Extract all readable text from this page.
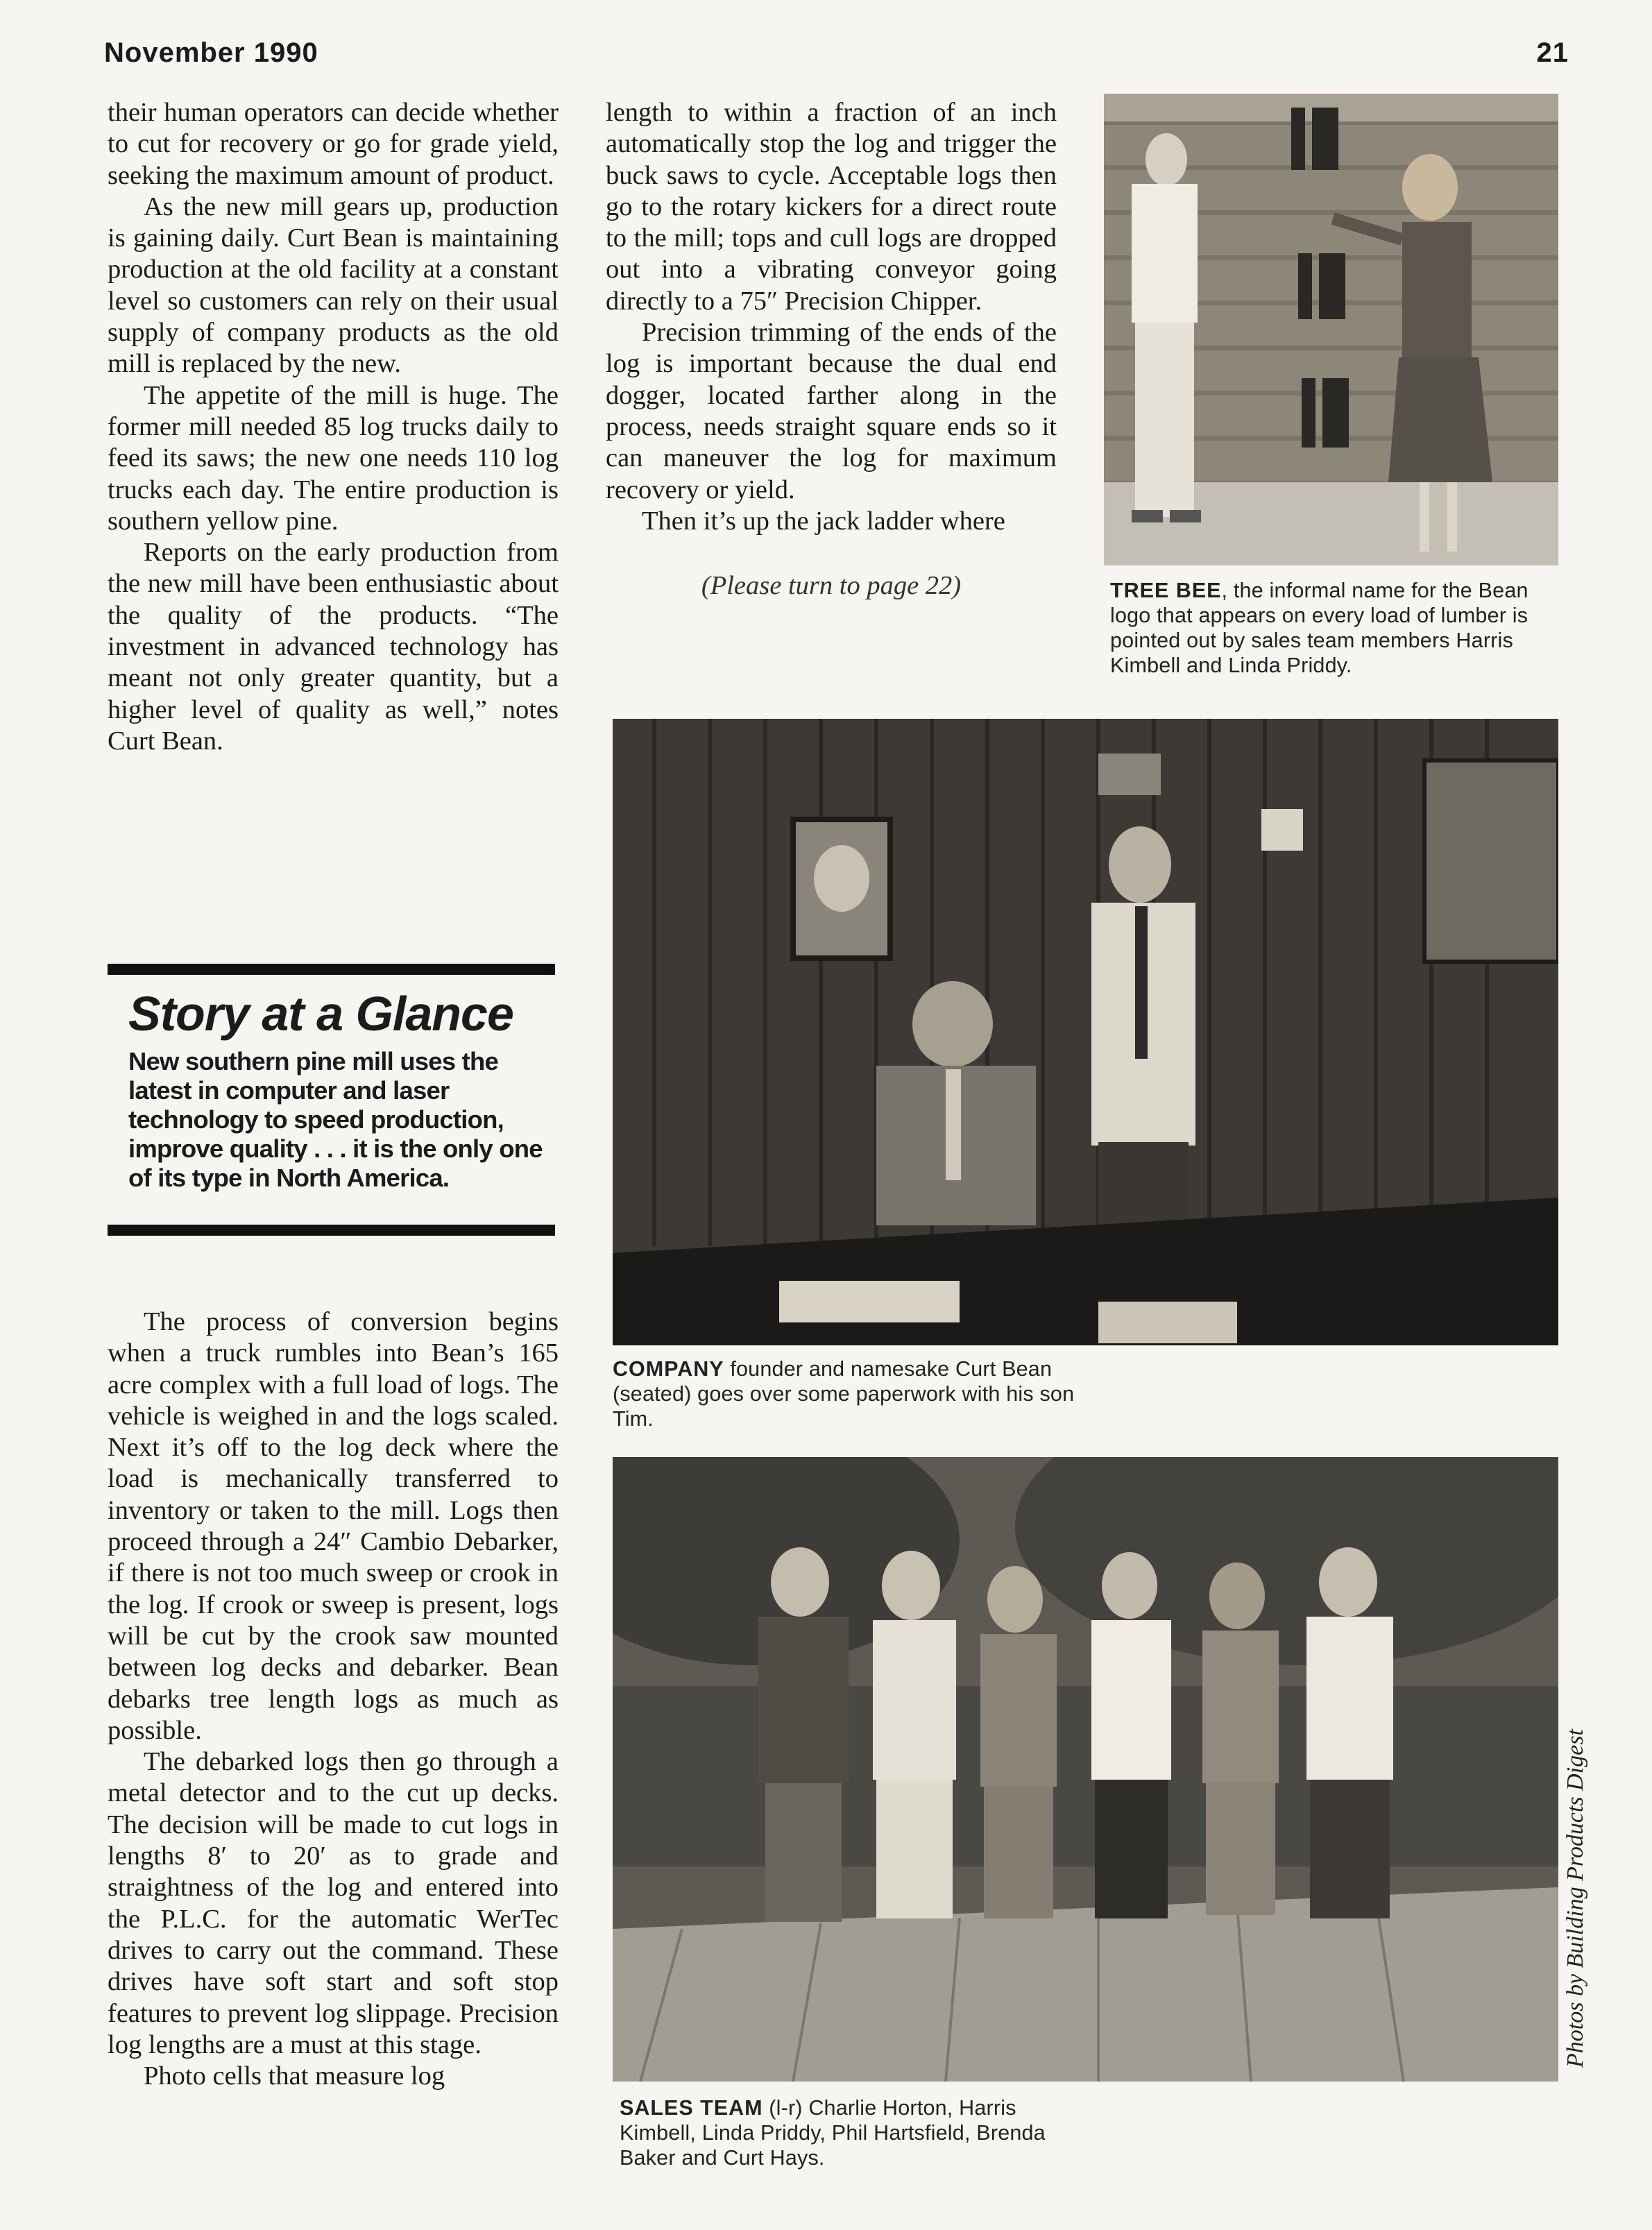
November 1990	21

their human operators can decide whether to cut for recovery or go for grade yield, seeking the maximum amount of product.

As the new mill gears up, production is gaining daily. Curt Bean is maintaining production at the old facility at a constant level so customers can rely on their usual supply of company products as the old mill is replaced by the new.

The appetite of the mill is huge. The former mill needed 85 log trucks daily to feed its saws; the new one needs 110 log trucks each day. The entire production is southern yellow pine.

Reports on the early production from the new mill have been enthusiastic about the quality of the products. “The investment in advanced technology has meant not only greater quantity, but a higher level of quality as well,” notes Curt Bean.

Story at a Glance
New southern pine mill uses the latest in computer and laser technology to speed production, improve quality . . . it is the only one of its type in North America.

The process of conversion begins when a truck rumbles into Bean’s 165 acre complex with a full load of logs. The vehicle is weighed in and the logs scaled. Next it’s off to the log deck where the load is mechanically transferred to inventory or taken to the mill. Logs then proceed through a 24″ Cambio Debarker, if there is not too much sweep or crook in the log. If crook or sweep is present, logs will be cut by the crook saw mounted between log decks and debarker. Bean debarks tree length logs as much as possible.

The debarked logs then go through a metal detector and to the cut up decks. The decision will be made to cut logs in lengths 8′ to 20′ as to grade and straightness of the log and entered into the P.L.C. for the automatic WerTec drives to carry out the command. These drives have soft start and soft stop features to prevent log slippage. Precision log lengths are a must at this stage.

Photo cells that measure log

length to within a fraction of an inch automatically stop the log and trigger the buck saws to cycle. Acceptable logs then go to the rotary kickers for a direct route to the mill; tops and cull logs are dropped out into a vibrating conveyor going directly to a 75″ Precision Chipper.

Precision trimming of the ends of the log is important because the dual end dogger, located farther along in the process, needs straight square ends so it can maneuver the log for maximum recovery or yield.

Then it’s up the jack ladder where

(Please turn to page 22)	TREE BEE, the informal name for the Bean logo that appears on every load of lumber is pointed out by sales team members Harris Kimbell and Linda Priddy.
COMPANY founder and namesake Curt Bean (seated) goes over some paperwork with his son Tim.
SALES TEAM (l-r) Charlie Horton, Harris Kimbell, Linda Priddy, Phil Hartsfield, Brenda Baker and Curt Hays.
Photos by Building Products Digest
